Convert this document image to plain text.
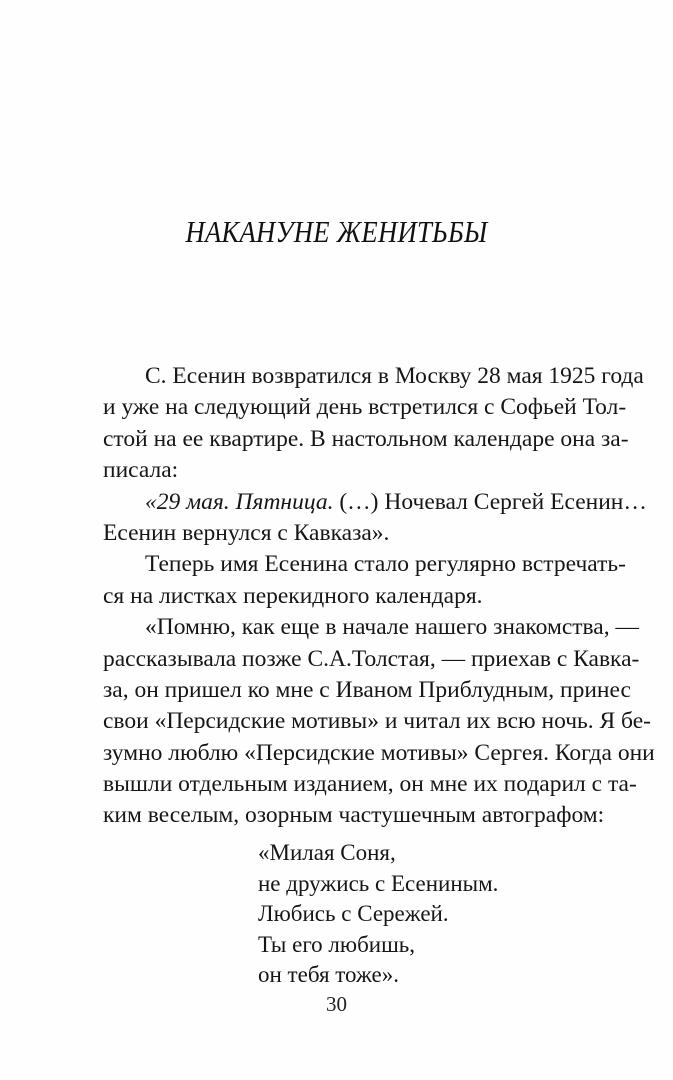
НАКАНУНЕ ЖЕНИТЬБЫ
С. Есенин возвратился в Москву 28 мая 1925 года
и уже на следующий день встретился с Софьей Тол-
стой на ее квартире. В настольном календаре она за-
писала:
«29 мая. Пятница. (…) Ночевал Сергей Есенин…
Есенин вернулся с Кавказа».
Теперь имя Есенина стало регулярно встречать-
ся на листках перекидного календаря.
«Помню, как еще в начале нашего знакомства, —
рассказывала позже С.А.Толстая, — приехав с Кавка-
за, он пришел ко мне с Иваном Приблудным, принес
свои «Персидские мотивы» и читал их всю ночь. Я бе-
зумно люблю «Персидские мотивы» Сергея. Когда они
вышли отдельным изданием, он мне их подарил с та-
ким веселым, озорным частушечным автографом:
«Милая Соня,
не дружись с Есениным.
Любись с Сережей.
Ты его любишь,
он тебя тоже».
30
